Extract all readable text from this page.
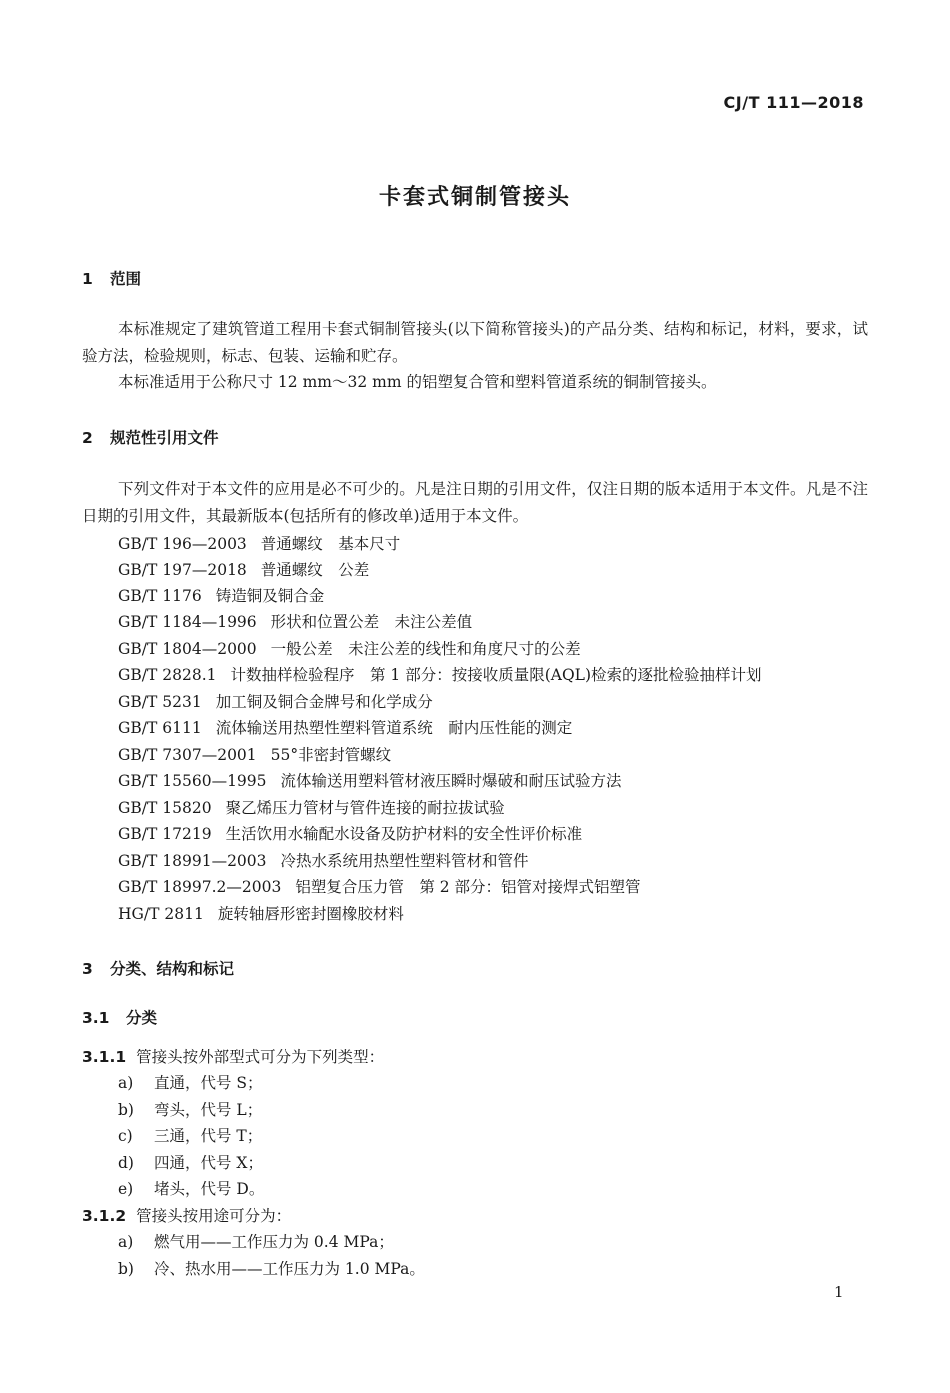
CJ/T 111—2018
卡套式铜制管接头
1 范围
本标准规定了建筑管道工程用卡套式铜制管接头(以下简称管接头)的产品分类、结构和标记，材料，要求，试验方法，检验规则，标志、包装、运输和贮存。
本标准适用于公称尺寸 12 mm～32 mm 的铝塑复合管和塑料管道系统的铜制管接头。
2 规范性引用文件
下列文件对于本文件的应用是必不可少的。凡是注日期的引用文件，仅注日期的版本适用于本文件。凡是不注日期的引用文件，其最新版本(包括所有的修改单)适用于本文件。
GB/T 196—2003 普通螺纹　基本尺寸
GB/T 197—2018 普通螺纹　公差
GB/T 1176 铸造铜及铜合金
GB/T 1184—1996 形状和位置公差　未注公差值
GB/T 1804—2000 一般公差　未注公差的线性和角度尺寸的公差
GB/T 2828.1 计数抽样检验程序　第 1 部分：按接收质量限(AQL)检索的逐批检验抽样计划
GB/T 5231 加工铜及铜合金牌号和化学成分
GB/T 6111 流体输送用热塑性塑料管道系统　耐内压性能的测定
GB/T 7307—2001 55°非密封管螺纹
GB/T 15560—1995 流体输送用塑料管材液压瞬时爆破和耐压试验方法
GB/T 15820 聚乙烯压力管材与管件连接的耐拉拔试验
GB/T 17219 生活饮用水输配水设备及防护材料的安全性评价标准
GB/T 18991—2003 冷热水系统用热塑性塑料管材和管件
GB/T 18997.2—2003 铝塑复合压力管　第 2 部分：铝管对接焊式铝塑管
HG/T 2811 旋转轴唇形密封圈橡胶材料
3 分类、结构和标记
3.1 分类
3.1.1 管接头按外部型式可分为下列类型：
a) 直通，代号 S；
b) 弯头，代号 L；
c) 三通，代号 T；
d) 四通，代号 X；
e) 堵头，代号 D。
3.1.2 管接头按用途可分为：
a) 燃气用——工作压力为 0.4 MPa；
b) 冷、热水用——工作压力为 1.0 MPa。
1
